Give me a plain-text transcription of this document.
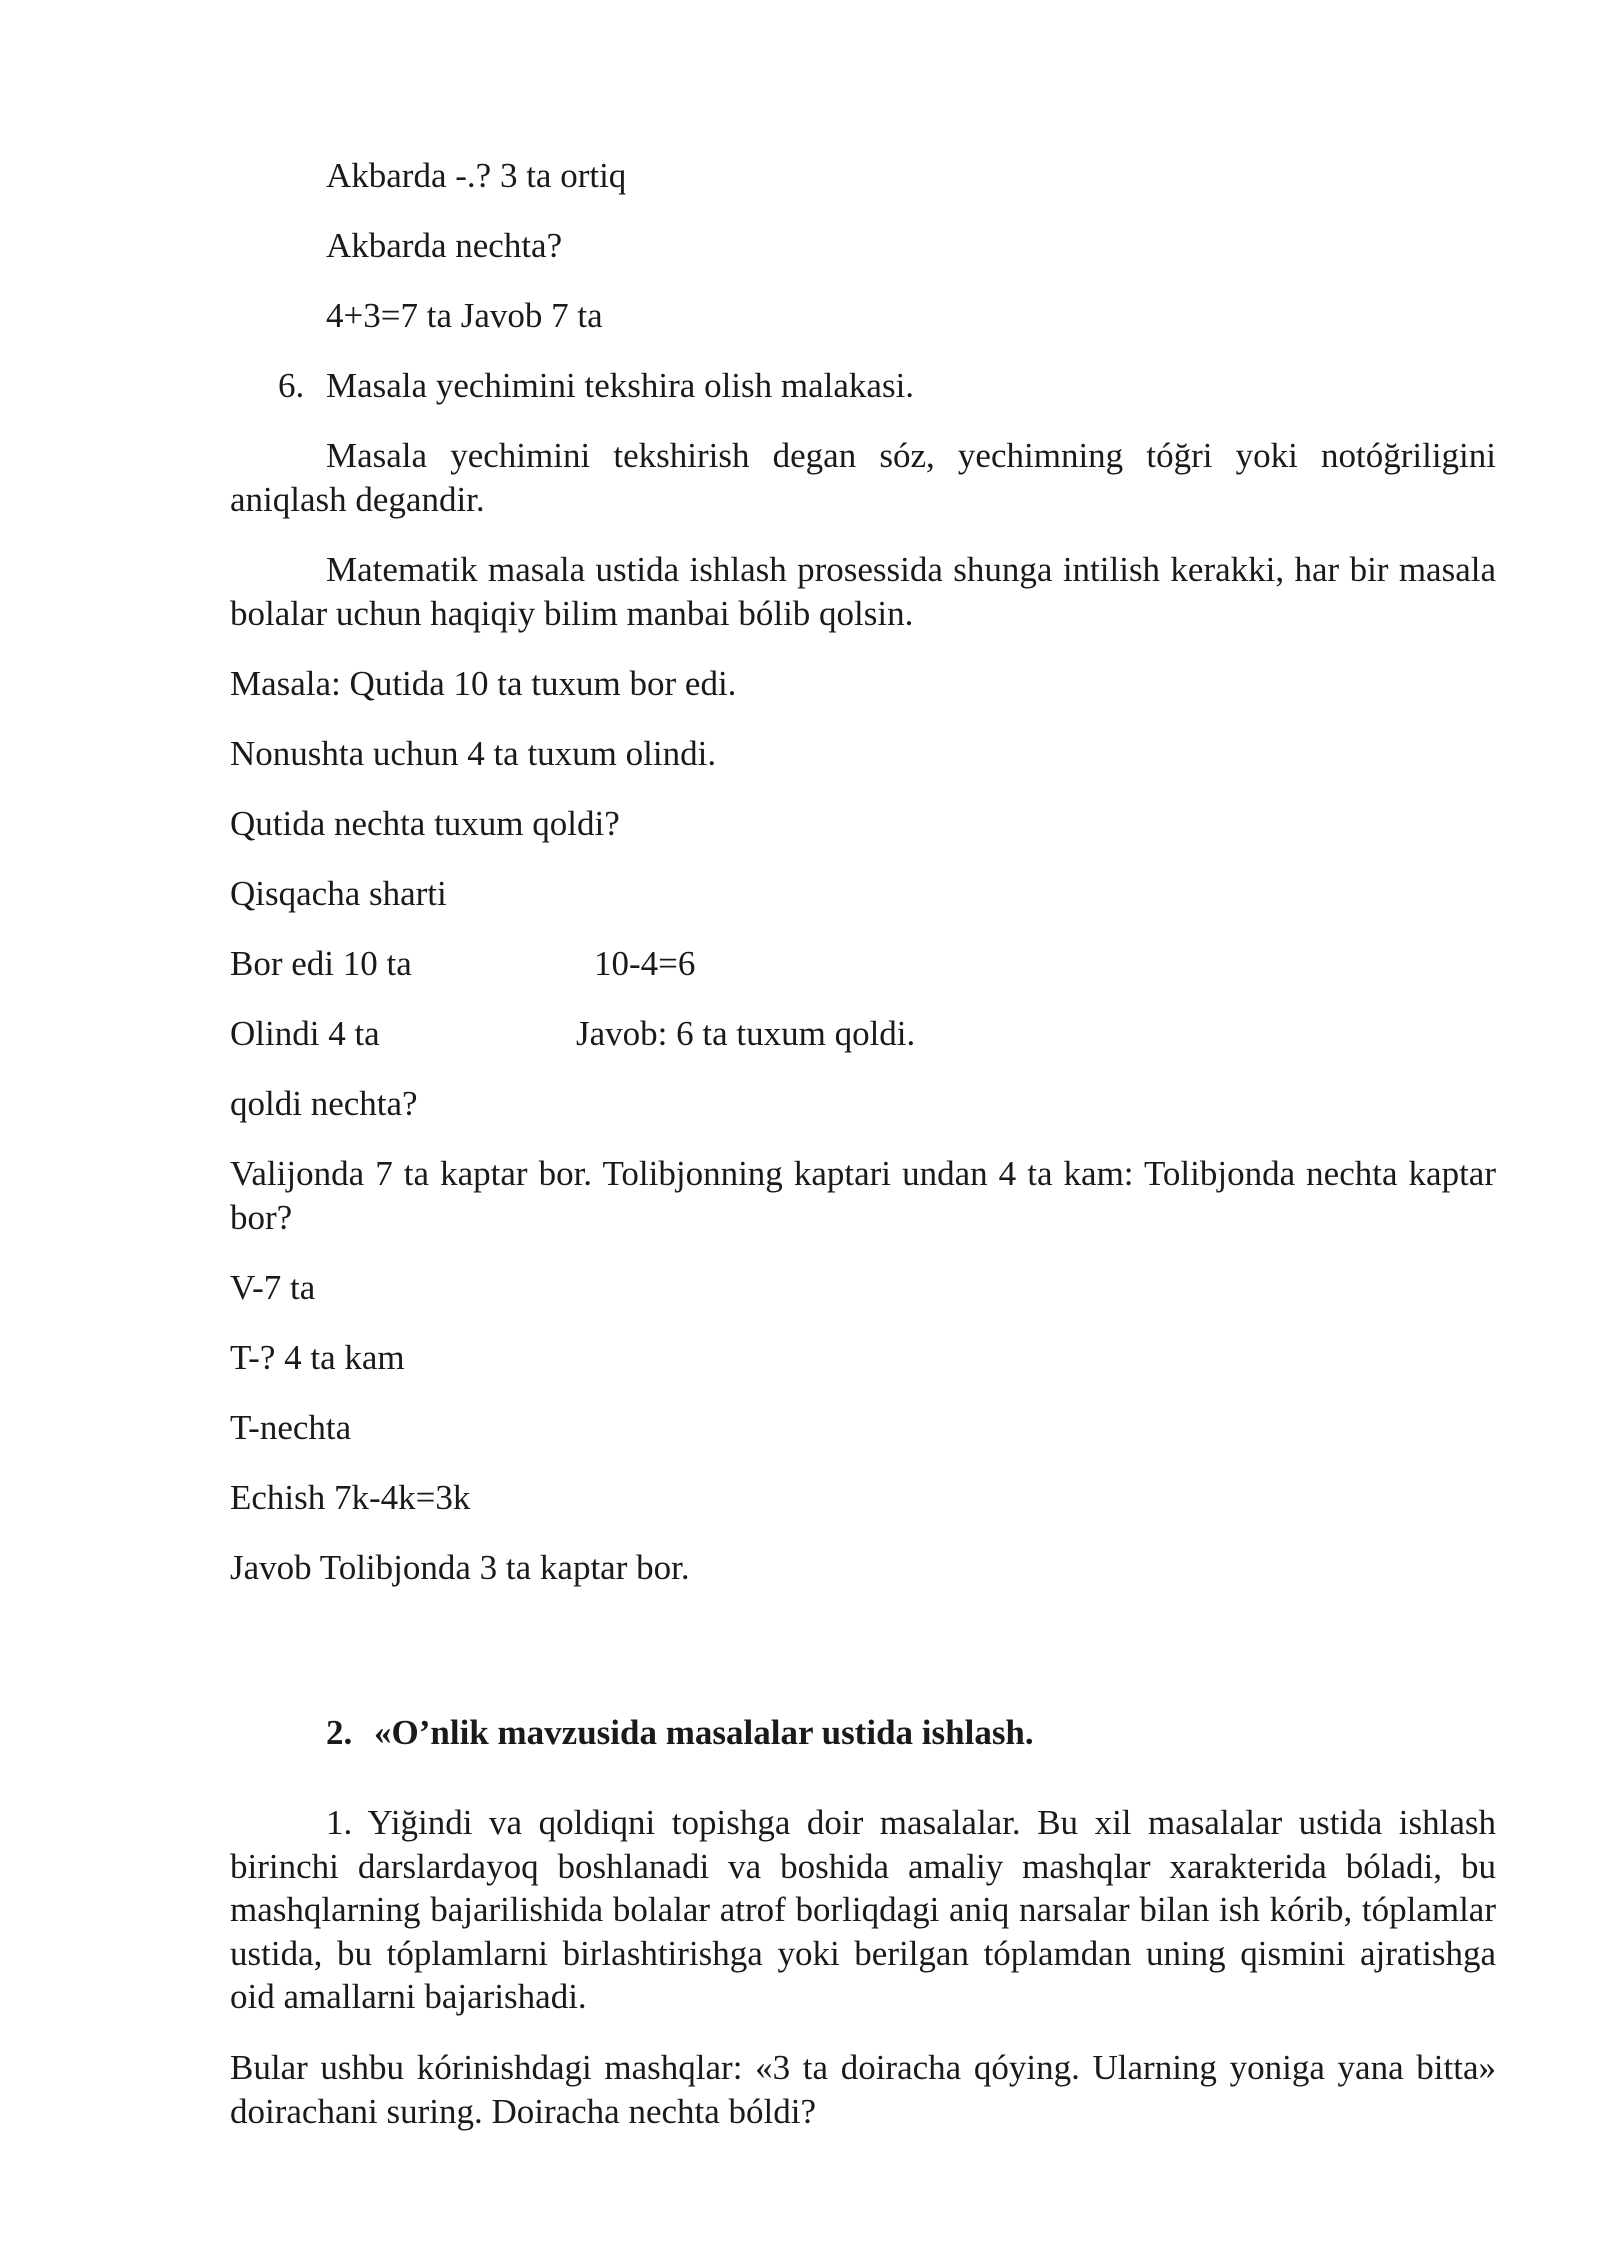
Akbarda -.? 3 ta ortiq

Akbarda nechta?

4+3=7 ta Javob 7 ta

6. Masala yechimini tekshira olish malakasi.

Masala yechimini tekshirish degan sóz, yechimning tóğri yoki notóğriligini aniqlash degandir.

Matematik masala ustida ishlash prosessida shunga intilish kerakki, har bir masala bolalar uchun haqiqiy bilim manbai bólib qolsin.

Masala: Qutida 10 ta tuxum bor edi.

Nonushta uchun 4 ta tuxum olindi.

Qutida nechta tuxum qoldi?

Qisqacha sharti

Bor edi 10 ta	10-4=6

Olindi 4 ta	Javob: 6 ta tuxum qoldi.

qoldi nechta?

Valijonda 7 ta kaptar bor. Tolibjonning kaptari undan 4 ta kam: Tolibjonda nechta kaptar bor?

V-7 ta

T-? 4 ta kam

T-nechta

Echish 7k-4k=3k

Javob Tolibjonda 3 ta kaptar bor.

2. «O’nlik mavzusida masalalar ustida ishlash.

1. Yiğindi va qoldiqni topishga doir masalalar. Bu xil masalalar ustida ishlash birinchi darslardayoq boshlanadi va boshida amaliy mashqlar xarakterida bóladi, bu mashqlarning bajarilishida bolalar atrof borliqdagi aniq narsalar bilan ish kórib, tóplamlar ustida, bu tóplamlarni birlashtirishga yoki berilgan tóplamdan uning qismini ajratishga oid amallarni bajarishadi.

Bular ushbu kórinishdagi mashqlar: «3 ta doiracha qóying. Ularning yoniga yana bitta» doirachani suring. Doiracha nechta bóldi?
